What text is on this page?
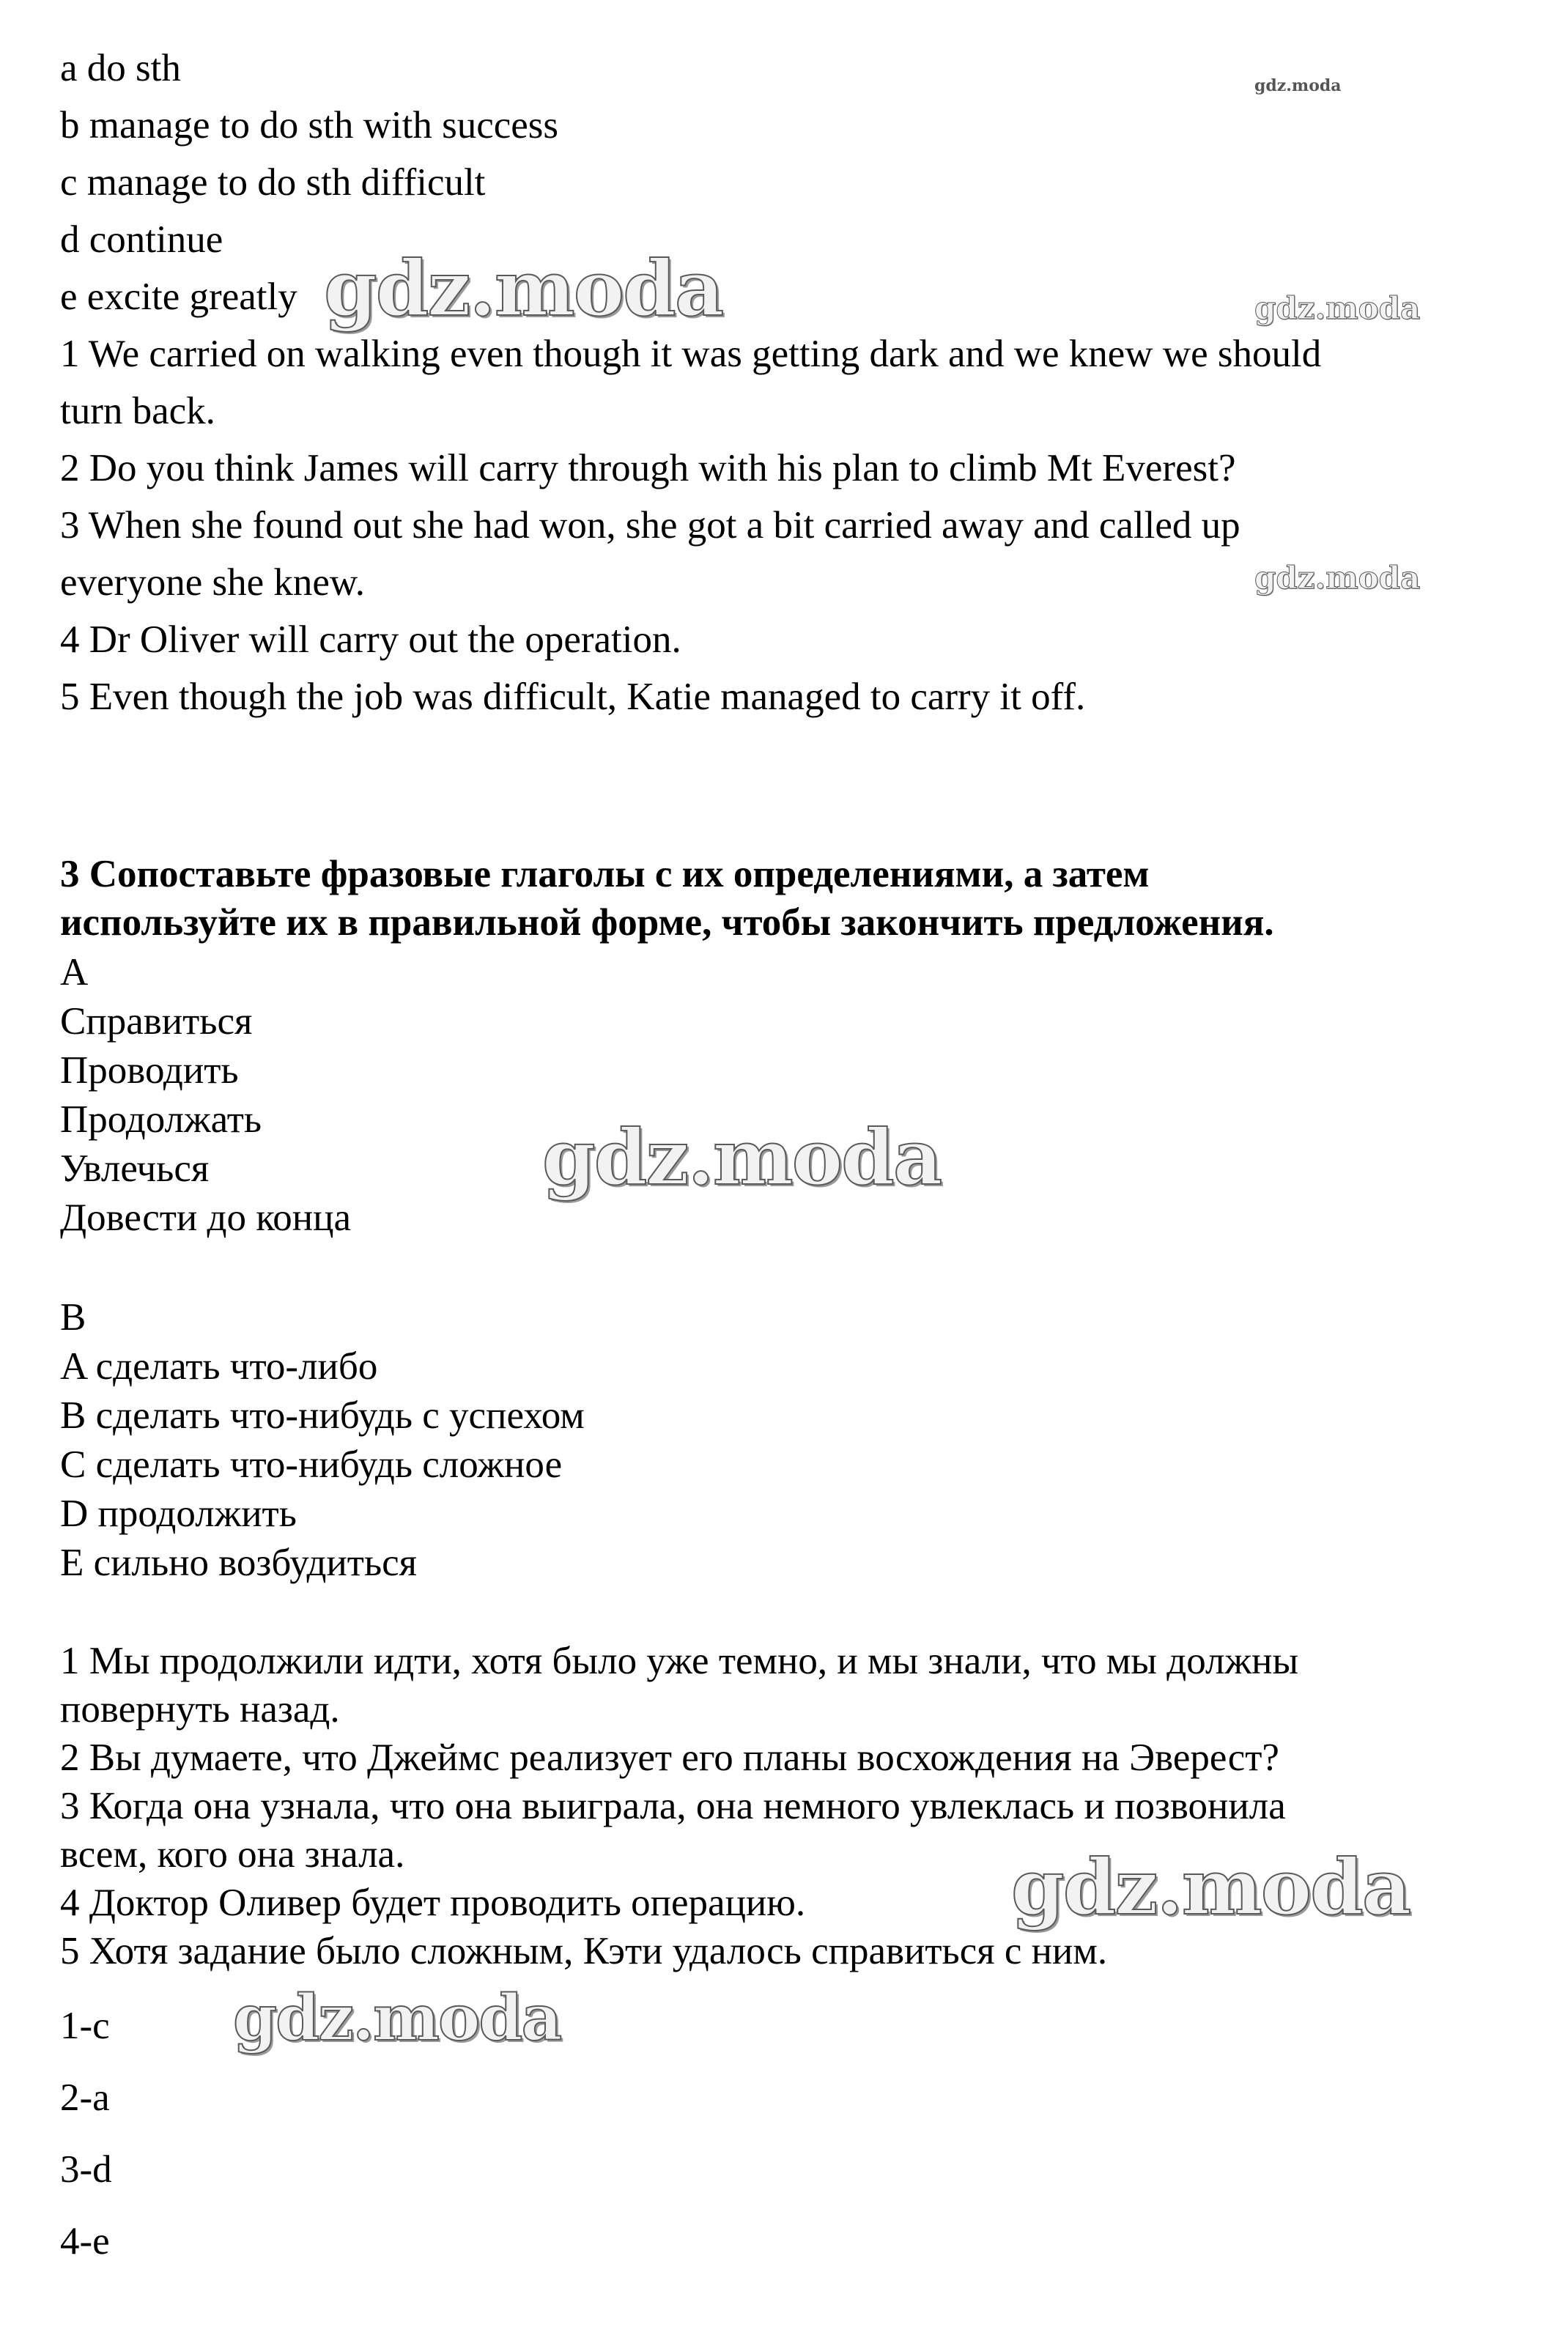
a do sth
b manage to do sth with success
c manage to do sth difficult
d continue
e excite greatly
1 We carried on walking even though it was getting dark and we knew we should
turn back.
2 Do you think James will carry through with his plan to climb Mt Everest?
3 When she found out she had won, she got a bit carried away and called up
everyone she knew.
4 Dr Oliver will carry out the operation.
5 Even though the job was difficult, Katie managed to carry it off.
3 Сопоставьте фразовые глаголы с их определениями, а затем
используйте их в правильной форме, чтобы закончить предложения.
A
Справиться
Проводить
Продолжать
Увлечься
Довести до конца
B
A сделать что-либо
B сделать что-нибудь с успехом
C сделать что-нибудь сложное
D продолжить
E сильно возбудиться
1 Мы продолжили идти, хотя было уже темно, и мы знали, что мы должны
повернуть назад.
2 Вы думаете, что Джеймс реализует его планы восхождения на Эверест?
3 Когда она узнала, что она выиграла, она немного увлеклась и позвонила
всем, кого она знала.
4 Доктор Оливер будет проводить операцию.
5 Хотя задание было сложным, Кэти удалось справиться с ним.
1-c
2-a
3-d
4-e
gdz.moda
gdz.moda	gdz.moda
gdz.moda
gdz.moda
gdz.moda
gdz.moda
